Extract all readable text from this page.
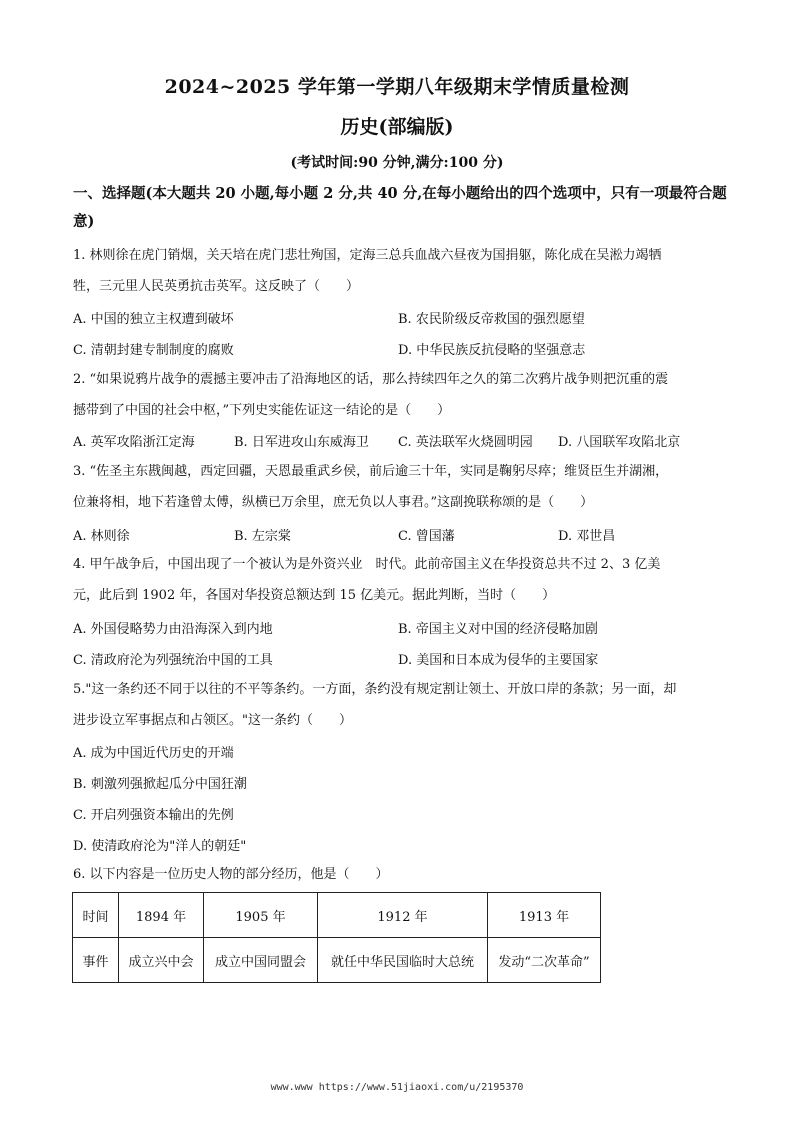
2024~2025 学年第一学期八年级期末学情质量检测
历史(部编版)
(考试时间:90 分钟,满分:100 分)
一、选择题(本大题共 20 小题,每小题 2 分,共 40 分,在每小题给出的四个选项中，只有一项最符合题意)
1. 林则徐在虎门销烟，关天培在虎门悲壮殉国，定海三总兵血战六昼夜为国捐躯，陈化成在吴淞力竭牺
牲，三元里人民英勇抗击英军。这反映了（　　）
A. 中国的独立主权遭到破坏	B. 农民阶级反帝救国的强烈愿望
C. 清朝封建专制制度的腐败	D. 中华民族反抗侵略的坚强意志
2. “如果说鸦片战争的震撼主要冲击了沿海地区的话，那么持续四年之久的第二次鸦片战争则把沉重的震
撼带到了中国的社会中枢，”下列史实能佐证这一结论的是（　　）
A. 英军攻陷浙江定海	B. 日军进攻山东威海卫 C. 英法联军火烧圆明园 D. 八国联军攻陷北京
3. “佐圣主东戡闽越，西定回疆，天恩最重武乡侯，前后逾三十年，实同是鞠躬尽瘁；维贤臣生并湖湘，
位兼将相，地下若逢曾太傅，纵横已万余里，庶无负以人事君。”这副挽联称颂的是（　　）
A. 林则徐	B. 左宗棠	C. 曾国藩	D. 邓世昌
4. 甲午战争后，中国出现了一个被认为是外资兴业　时代。此前帝国主义在华投资总共不过 2、3 亿美
元，此后到 1902 年，各国对华投资总额达到 15 亿美元。据此判断，当时（　　）
A. 外国侵略势力由沿海深入到内地	B. 帝国主义对中国的经济侵略加剧
C. 清政府沦为列强统治中国的工具	D. 美国和日本成为侵华的主要国家
5."这一条约还不同于以往的不平等条约。一方面，条约没有规定割让领土、开放口岸的条款；另一面，却
进步设立军事据点和占领区。"这一条约（　　）
A. 成为中国近代历史的开端
B. 刺激列强掀起瓜分中国狂潮
C. 开启列强资本输出的先例
D. 使清政府沦为"洋人的朝廷"
6. 以下内容是一位历史人物的部分经历，他是（　　）
时间	1894 年	1905 年	1912 年	1913 年
事件	成立兴中会	成立中国同盟会	就任中华民国临时大总统	发动“二次革命”
www.www https://www.51jiaoxi.com/u/2195370
